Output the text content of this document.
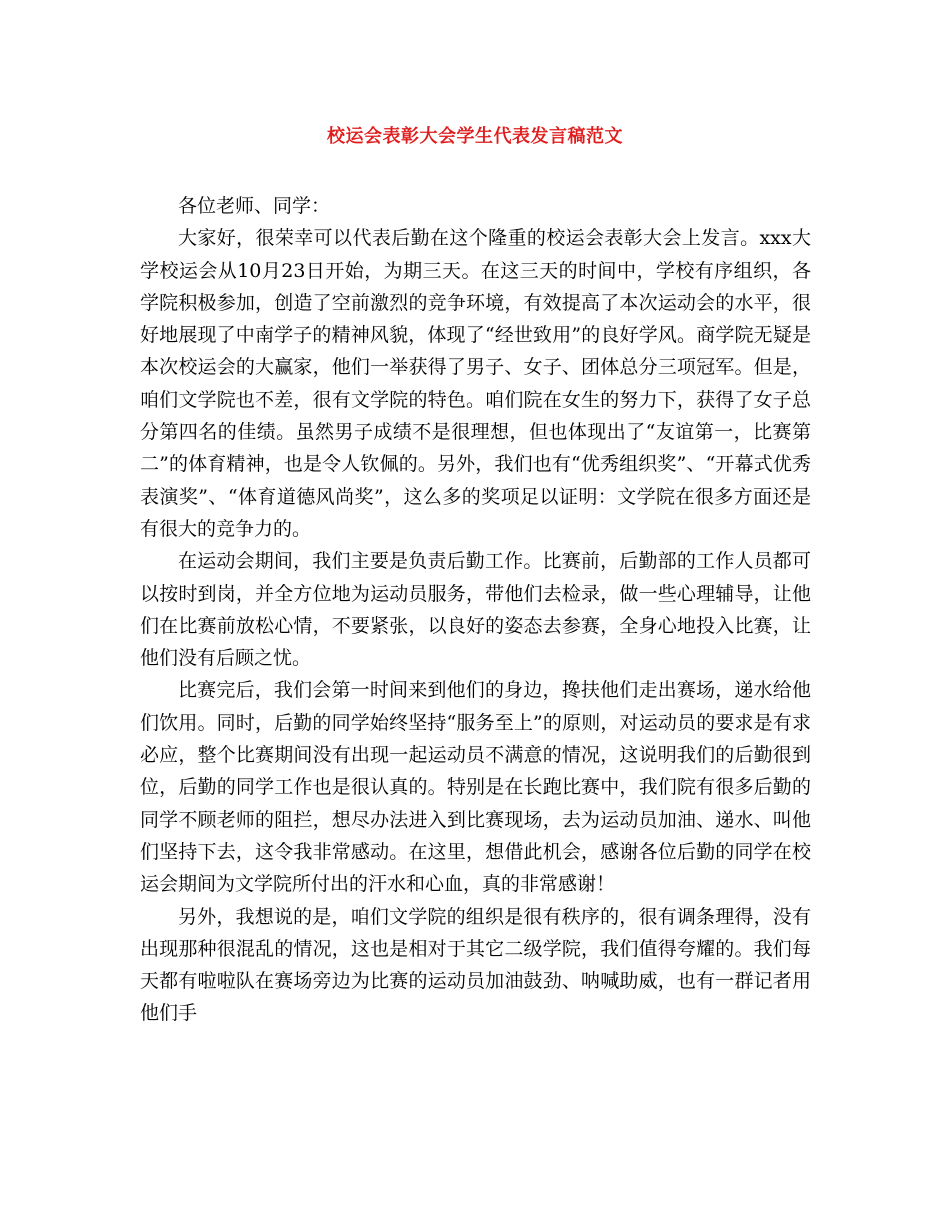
校运会表彰大会学生代表发言稿范文

各位老师、同学：

大家好，很荣幸可以代表后勤在这个隆重的校运会表彰大会上发言。xxx大学校运会从10月23日开始，为期三天。在这三天的时间中，学校有序组织，各学院积极参加，创造了空前激烈的竞争环境，有效提高了本次运动会的水平，很好地展现了中南学子的精神风貌，体现了“经世致用”的良好学风。商学院无疑是本次校运会的大赢家，他们一举获得了男子、女子、团体总分三项冠军。但是，咱们文学院也不差，很有文学院的特色。咱们院在女生的努力下，获得了女子总分第四名的佳绩。虽然男子成绩不是很理想，但也体现出了“友谊第一，比赛第二”的体育精神，也是令人钦佩的。另外，我们也有“优秀组织奖”、“开幕式优秀表演奖”、“体育道德风尚奖”，这么多的奖项足以证明：文学院在很多方面还是有很大的竞争力的。

在运动会期间，我们主要是负责后勤工作。比赛前，后勤部的工作人员都可以按时到岗，并全方位地为运动员服务，带他们去检录，做一些心理辅导，让他们在比赛前放松心情，不要紧张，以良好的姿态去参赛，全身心地投入比赛，让他们没有后顾之忧。

比赛完后，我们会第一时间来到他们的身边，搀扶他们走出赛场，递水给他们饮用。同时，后勤的同学始终坚持“服务至上”的原则，对运动员的要求是有求必应，整个比赛期间没有出现一起运动员不满意的情况，这说明我们的后勤很到位，后勤的同学工作也是很认真的。特别是在长跑比赛中，我们院有很多后勤的同学不顾老师的阻拦，想尽办法进入到比赛现场，去为运动员加油、递水、叫他们坚持下去，这令我非常感动。在这里，想借此机会，感谢各位后勤的同学在校运会期间为文学院所付出的汗水和心血，真的非常感谢！

另外，我想说的是，咱们文学院的组织是很有秩序的，很有调条理得，没有出现那种很混乱的情况，这也是相对于其它二级学院，我们值得夸耀的。我们每天都有啦啦队在赛场旁边为比赛的运动员加油鼓劲、呐喊助威，也有一群记者用他们手
